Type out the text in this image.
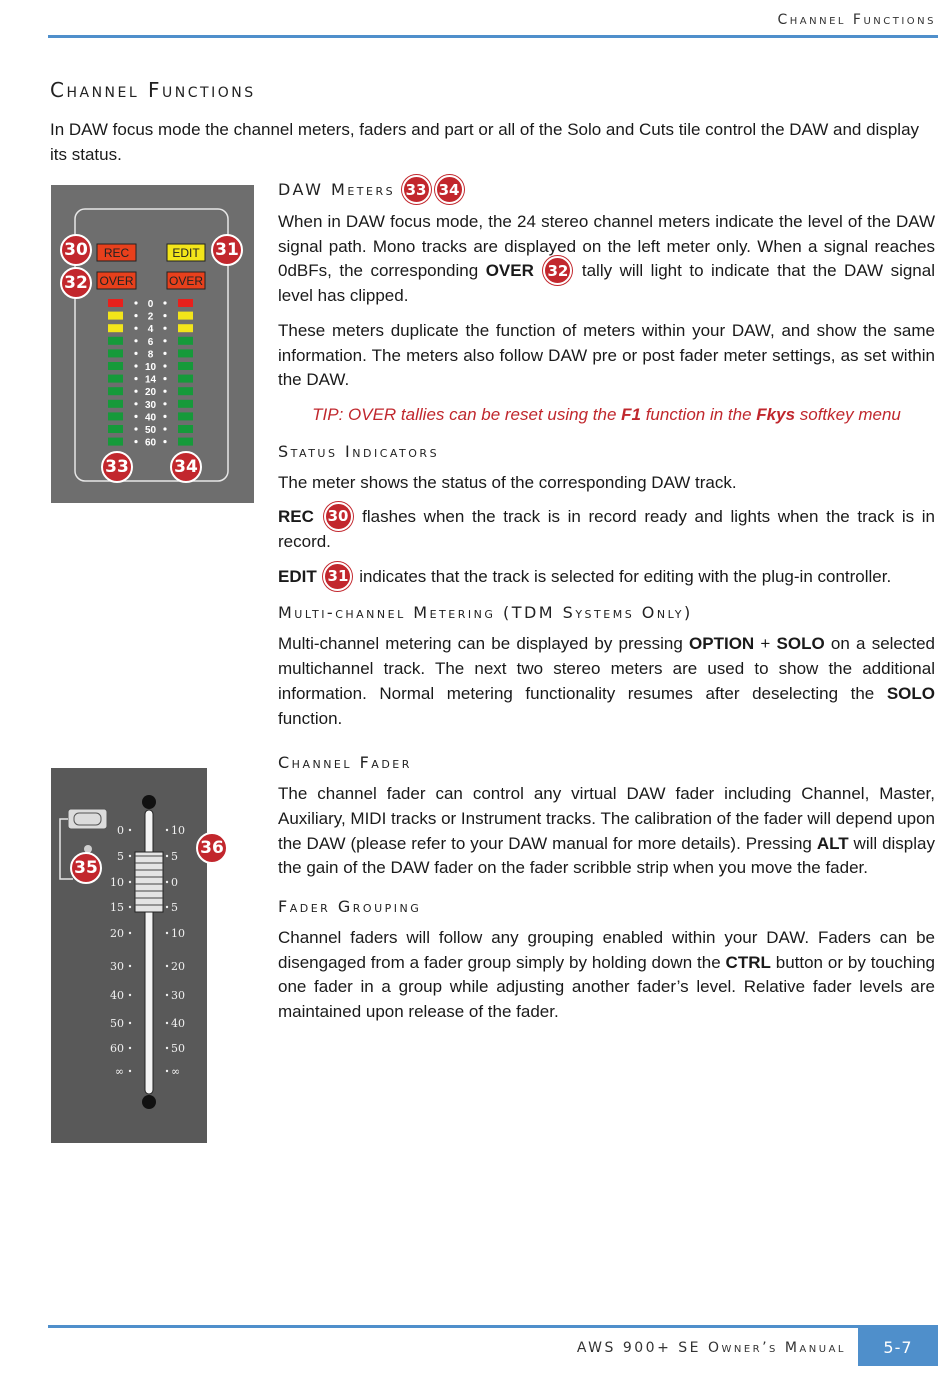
Channel Functions
Channel Functions

In DAW focus mode the channel meters, faders and part or all of the Solo and Cuts tile control the DAW and display its status.

REC	EDIT
OVER	OVER
0
2
4
6
8
10
14
20
30
40
50
60
30	31
32
33	34
0
5
10
15
20
30
40
50
60
∞
10
5
0
5
10
20
30
40
50
∞
36
35
DAW Meters 33 34

When in DAW focus mode, the 24 stereo channel meters indicate the level of the DAW signal path. Mono tracks are displayed on the left meter only. When a signal reaches 0dBFs, the corresponding OVER 32 tally will light to indicate that the DAW signal level has clipped.

These meters duplicate the function of meters within your DAW, and show the same information. The meters also follow DAW pre or post fader meter settings, as set within the DAW.

TIP: OVER tallies can be reset using the F1 function in the Fkys softkey menu

Status Indicators

The meter shows the status of the corresponding DAW track.

REC 30 flashes when the track is in record ready and lights when the track is in record.

EDIT 31 indicates that the track is selected for editing with the plug-in controller.

Multi-channel Metering (TDM Systems Only)

Multi-channel metering can be displayed by pressing OPTION + SOLO on a selected multichannel track. The next two stereo meters are used to show the additional information. Normal metering functionality resumes after deselecting the SOLO function.

Channel Fader

The channel fader can control any virtual DAW fader including Channel, Master, Auxiliary, MIDI tracks or Instrument tracks. The calibration of the fader will depend upon the DAW (please refer to your DAW manual for more details). Pressing ALT will display the gain of the DAW fader on the fader scribble strip when you move the fader.

Fader Grouping

Channel faders will follow any grouping enabled within your DAW. Faders can be disengaged from a fader group simply by holding down the CTRL button or by touching one fader in a group while adjusting another fader’s level. Relative fader levels are maintained upon release of the fader.

AWS 900+ SE Owner’s Manual	5-7
